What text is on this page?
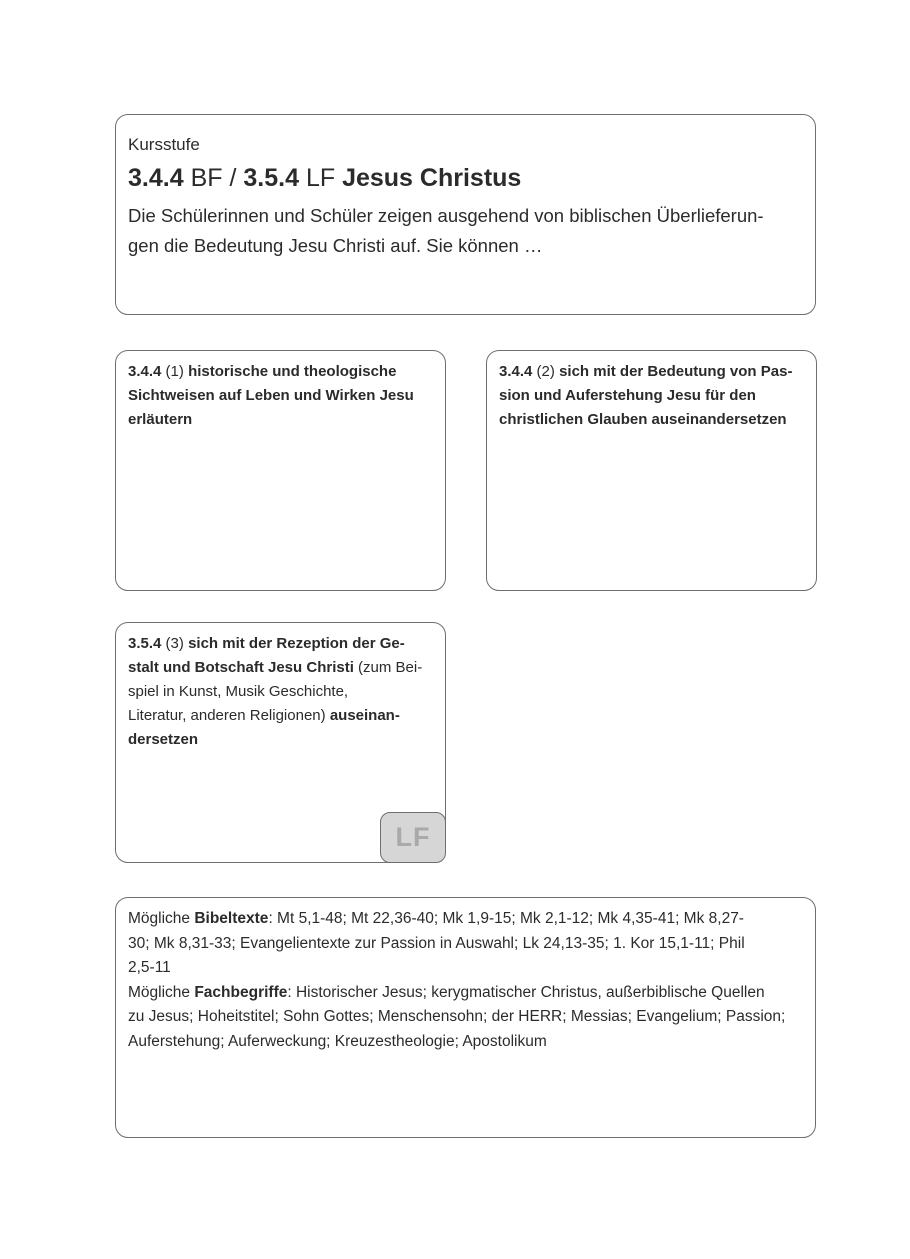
Kursstufe
3.4.4 BF / 3.5.4 LF Jesus Christus

Die Schülerinnen und Schüler zeigen ausgehend von biblischen Überlieferun-
gen die Bedeutung Jesu Christi auf. Sie können …

3.4.4 (1) historische und theologische
Sichtweisen auf Leben und Wirken Jesu
erläutern

3.4.4 (2) sich mit der Bedeutung von Pas-
sion und Auferstehung Jesu für den
christlichen Glauben auseinandersetzen

3.5.4 (3) sich mit der Rezeption der Ge-
stalt und Botschaft Jesu Christi (zum Bei-
spiel in Kunst, Musik Geschichte,
Literatur, anderen Religionen) auseinan-
dersetzen

LF

Mögliche Bibeltexte: Mt 5,1-48; Mt 22,36-40; Mk 1,9-15; Mk 2,1-12; Mk 4,35-41; Mk 8,27-
30; Mk 8,31-33; Evangelientexte zur Passion in Auswahl; Lk 24,13-35; 1. Kor 15,1-11; Phil
2,5-11

Mögliche Fachbegriffe: Historischer Jesus; kerygmatischer Christus, außerbiblische Quellen
zu Jesus; Hoheitstitel; Sohn Gottes; Menschensohn; der HERR; Messias; Evangelium; Passion;
Auferstehung; Auferweckung; Kreuzestheologie; Apostolikum
